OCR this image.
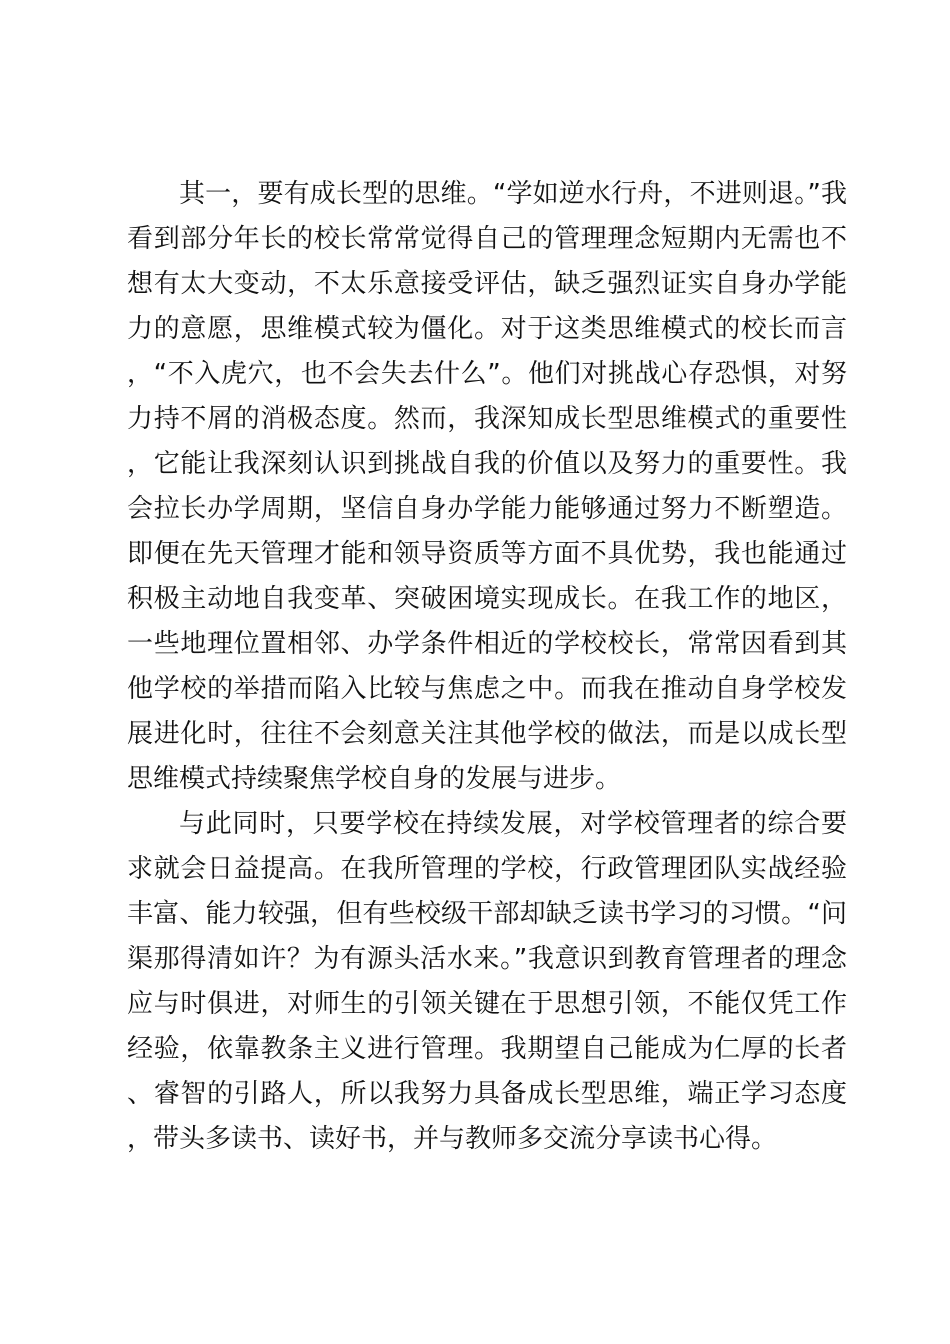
其一，要有成长型的思维。“学如逆水行舟，不进则退。”我看到部分年长的校长常常觉得自己的管理理念短期内无需也不想有太大变动，不太乐意接受评估，缺乏强烈证实自身办学能力的意愿，思维模式较为僵化。对于这类思维模式的校长而言，“不入虎穴，也不会失去什么”。他们对挑战心存恐惧，对努力持不屑的消极态度。然而，我深知成长型思维模式的重要性，它能让我深刻认识到挑战自我的价值以及努力的重要性。我会拉长办学周期，坚信自身办学能力能够通过努力不断塑造。即便在先天管理才能和领导资质等方面不具优势，我也能通过积极主动地自我变革、突破困境实现成长。在我工作的地区，一些地理位置相邻、办学条件相近的学校校长，常常因看到其他学校的举措而陷入比较与焦虑之中。而我在推动自身学校发展进化时，往往不会刻意关注其他学校的做法，而是以成长型思维模式持续聚焦学校自身的发展与进步。

与此同时，只要学校在持续发展，对学校管理者的综合要求就会日益提高。在我所管理的学校，行政管理团队实战经验丰富、能力较强，但有些校级干部却缺乏读书学习的习惯。“问渠那得清如许？为有源头活水来。”我意识到教育管理者的理念应与时俱进，对师生的引领关键在于思想引领，不能仅凭工作经验，依靠教条主义进行管理。我期望自己能成为仁厚的长者、睿智的引路人，所以我努力具备成长型思维，端正学习态度，带头多读书、读好书，并与教师多交流分享读书心得。
